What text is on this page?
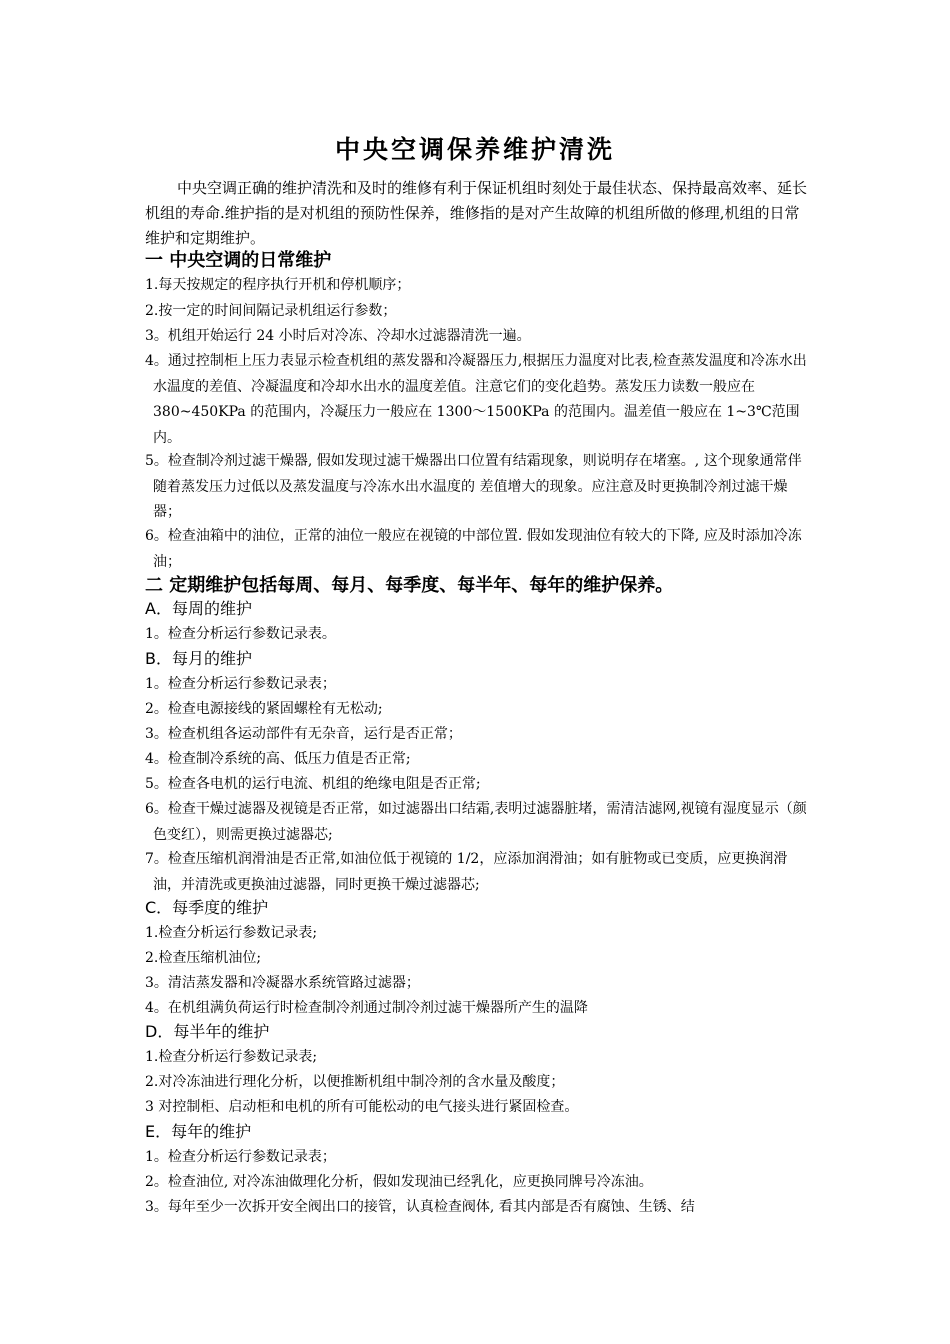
中央空调保养维护清洗

中央空调正确的维护清洗和及时的维修有利于保证机组时刻处于最佳状态、保持最高效率、延长机组的寿命.维护指的是对机组的预防性保养，维修指的是对产生故障的机组所做的修理,机组的日常维护和定期维护。

一 中央空调的日常维护

1.每天按规定的程序执行开机和停机顺序；

2.按一定的时间间隔记录机组运行参数；

3。机组开始运行 24 小时后对冷冻、冷却水过滤器清洗一遍。

4。通过控制柜上压力表显示检查机组的蒸发器和冷凝器压力,根据压力温度对比表,检查蒸发温度和冷冻水出水温度的差值、冷凝温度和冷却水出水的温度差值。注意它们的变化趋势。蒸发压力读数一般应在 380~450KPa 的范围内，冷凝压力一般应在 1300～1500KPa 的范围内。温差值一般应在 1~3℃范围内。

5。检查制冷剂过滤干燥器, 假如发现过滤干燥器出口位置有结霜现象，则说明存在堵塞。, 这个现象通常伴随着蒸发压力过低以及蒸发温度与冷冻水出水温度的 差值增大的现象。应注意及时更换制冷剂过滤干燥器；

6。检查油箱中的油位，正常的油位一般应在视镜的中部位置. 假如发现油位有较大的下降, 应及时添加冷冻油；

二 定期维护包括每周、每月、每季度、每半年、每年的维护保养。
A．每周的维护

1。检查分析运行参数记录表。

B．每月的维护

1。检查分析运行参数记录表；

2。检查电源接线的紧固螺栓有无松动;

3。检查机组各运动部件有无杂音，运行是否正常；

4。检查制冷系统的高、低压力值是否正常;

5。检查各电机的运行电流、机组的绝缘电阻是否正常;

6。检查干燥过滤器及视镜是否正常，如过滤器出口结霜,表明过滤器脏堵，需清洁滤网,视镜有湿度显示（颜色变红），则需更换过滤器芯;

7。检查压缩机润滑油是否正常,如油位低于视镜的 1/2，应添加润滑油；如有脏物或已变质，应更换润滑油，并清洗或更换油过滤器，同时更换干燥过滤器芯;

C．每季度的维护

1.检查分析运行参数记录表;

2.检查压缩机油位;

3。清洁蒸发器和冷凝器水系统管路过滤器；

4。在机组满负荷运行时检查制冷剂通过制冷剂过滤干燥器所产生的温降

D．每半年的维护

1.检查分析运行参数记录表;

2.对冷冻油进行理化分析，以便推断机组中制冷剂的含水量及酸度；

3 对控制柜、启动柜和电机的所有可能松动的电气接头进行紧固检查。

E．每年的维护

1。检查分析运行参数记录表；

2。检查油位, 对冷冻油做理化分析，假如发现油已经乳化，应更换同牌号冷冻油。

3。每年至少一次拆开安全阀出口的接管，认真检查阀体, 看其内部是否有腐蚀、生锈、结
